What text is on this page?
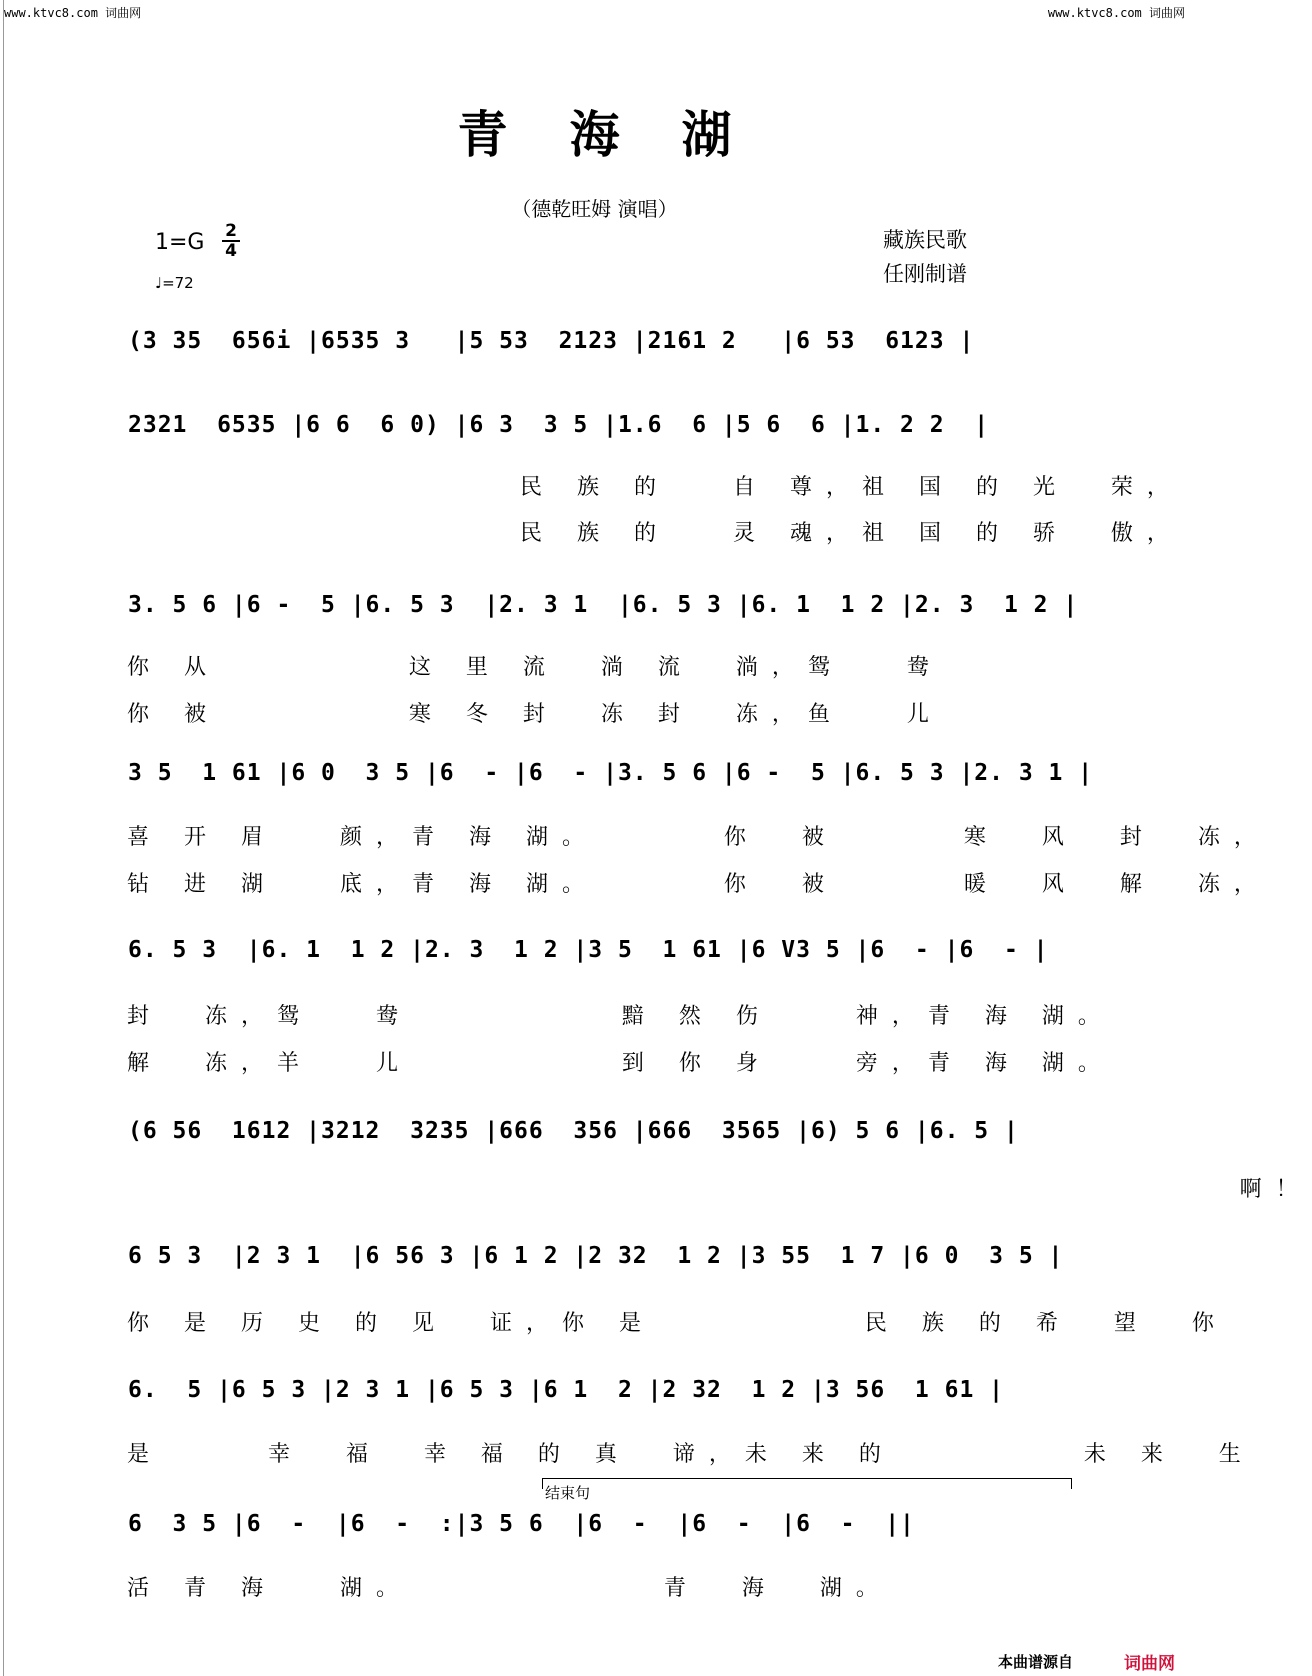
www.ktvc8.com 词曲网	www.ktvc8.com 词曲网
青海湖
（德乾旺姆 演唱）
1=G 2
4
♩=72
藏族民歌
任刚制谱
(3 35  656i |6535 3   |5 53  2123 |2161 2   |6 53  6123 |
2321  6535 |6 6  6 0) |6 3  3 5 |1.6  6 |5 6  6 |1. 2 2  |
民 族 的   自 尊，祖 国 的 光  荣，
民 族 的   灵 魂，祖 国 的 骄  傲，
3. 5 6 |6 -  5 |6. 5 3  |2. 3 1  |6. 5 3 |6. 1  1 2 |2. 3  1 2 |
你 从         这 里 流  淌 流  淌，鸳   鸯
你 被         寒 冬 封  冻 封  冻，鱼   儿
3 5  1 61 |6 0  3 5 |6  - |6  - |3. 5 6 |6 -  5 |6. 5 3 |2. 3 1 |
喜 开 眉   颜，青 海 湖。      你  被      寒  风  封  冻，
钻 进 湖   底，青 海 湖。      你  被      暖  风  解  冻，
6. 5 3  |6. 1  1 2 |2. 3  1 2 |3 5  1 61 |6 V3 5 |6  - |6  - |
封  冻，鸳   鸯          黯 然 伤    神，青 海 湖。
解  冻，羊   儿          到 你 身    旁，青 海 湖。
(6 56  1612 |3212  3235 |666  356 |666  3565 |6) 5 6 |6. 5 |
啊！
6 5 3  |2 3 1  |6 56 3 |6 1 2 |2 32  1 2 |3 55  1 7 |6 0  3 5 |
你 是 历 史 的 见  证，你 是          民 族 的 希  望  你
6.  5 |6 5 3 |2 3 1 |6 5 3 |6 1  2 |2 32  1 2 |3 56  1 61 |
是     幸  福  幸 福 的 真  谛，未 来 的         未 来  生
结束句
6  3 5 |6  -  |6  -  :|3 5 6  |6  -  |6  -  |6  -  ||
活 青 海   湖。            青  海  湖。
本曲谱源自	词曲网
